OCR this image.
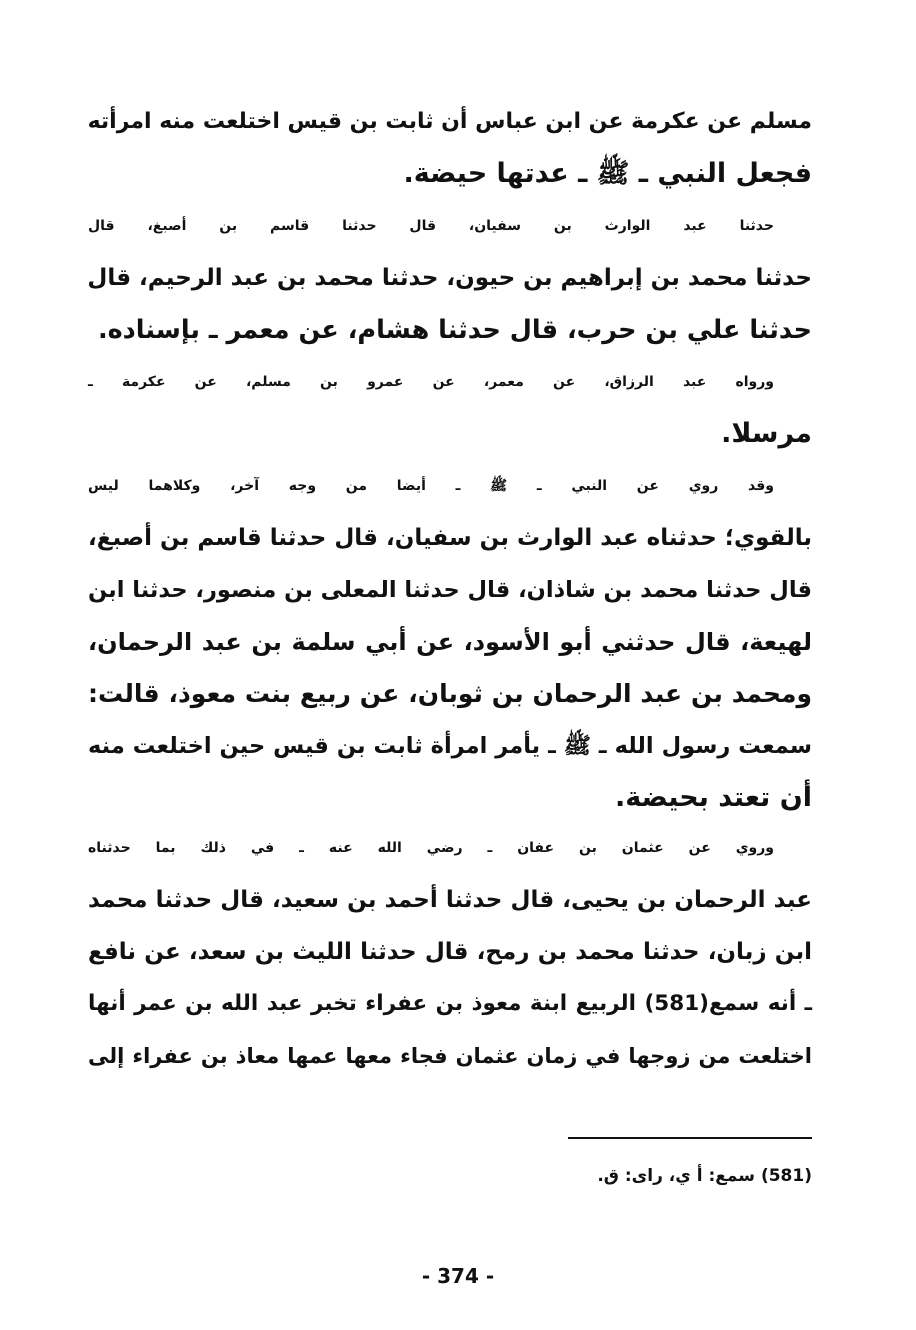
مسلم عن عكرمة عن ابن عباس أن ثابت بن قيس اختلعت منه امرأته
فجعل النبي ـ ﷺ ـ عدتها حيضة.
حدثنا عبد الوارث بن سفيان، قال حدثنا قاسم بن أصبغ، قال
حدثنا محمد بن إبراهيم بن حيون، حدثنا محمد بن عبد الرحيم، قال
حدثنا علي بن حرب، قال حدثنا هشام، عن معمر ـ بإسناده.
ورواه عبد الرزاق، عن معمر، عن عمرو بن مسلم، عن عكرمة ـ
مرسلا.
وقد روي عن النبي ـ ﷺ ـ أيضا من وجه آخر، وكلاهما ليس
بالقوي؛ حدثناه عبد الوارث بن سفيان، قال حدثنا قاسم بن أصبغ،
قال حدثنا محمد بن شاذان، قال حدثنا المعلى بن منصور، حدثنا ابن
لهيعة، قال حدثني أبو الأسود، عن أبي سلمة بن عبد الرحمان،
ومحمد بن عبد الرحمان بن ثوبان، عن ربيع بنت معوذ، قالت:
سمعت رسول الله ـ ﷺ ـ يأمر امرأة ثابت بن قيس حين اختلعت منه
أن تعتد بحيضة.
وروي عن عثمان بن عفان ـ رضي الله عنه ـ في ذلك بما حدثناه
عبد الرحمان بن يحيى، قال حدثنا أحمد بن سعيد، قال حدثنا محمد
ابن زبان، حدثنا محمد بن رمح، قال حدثنا الليث بن سعد، عن نافع
ـ أنه سمع(581) الربيع ابنة معوذ بن عفراء تخبر عبد الله بن عمر أنها
اختلعت من زوجها في زمان عثمان فجاء معها عمها معاذ بن عفراء إلى
(581) سمع: أ ي، راى: ق.
- 374 -
